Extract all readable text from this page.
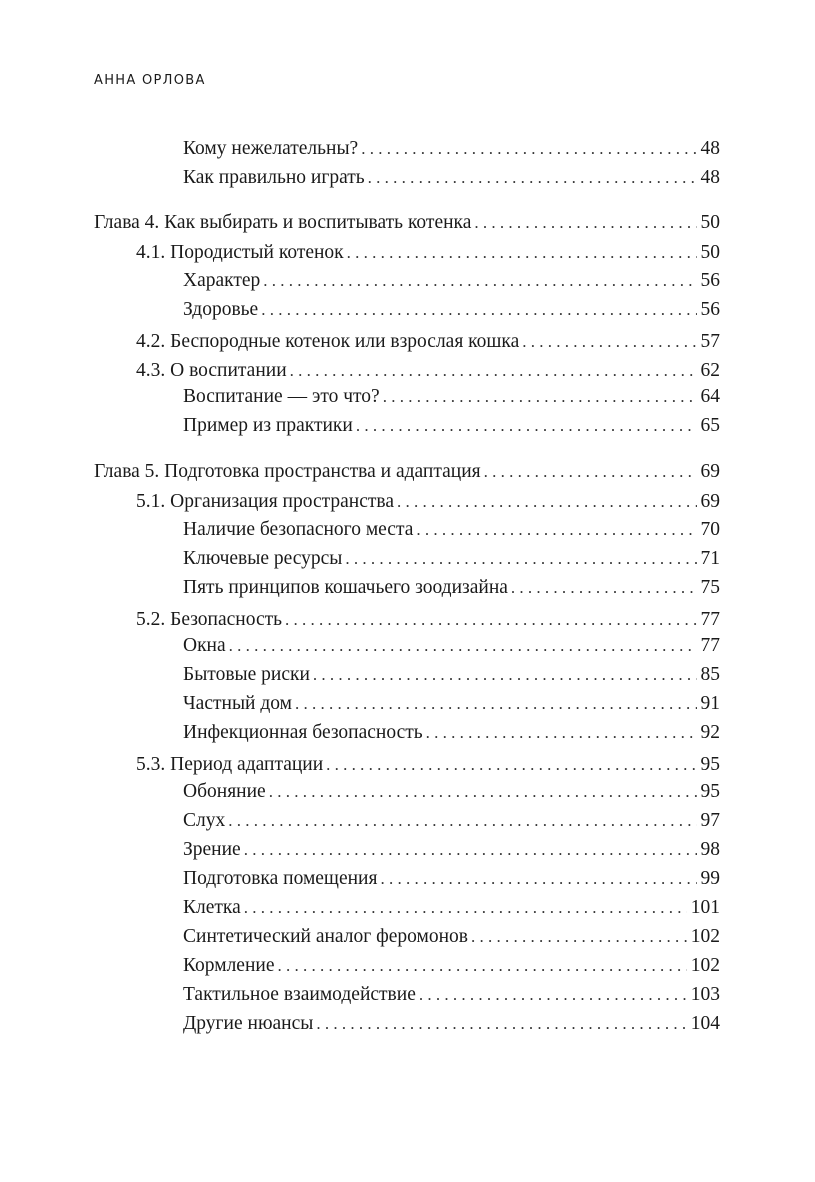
АННА ОРЛОВА
Кому нежелательны? . . .	48
Как правильно играть . . .	48
Глава 4. Как выбирать и воспитывать котенка . . .	50
4.1. Породистый котенок . . .	50
Характер . . .	56
Здоровье . . .	56
4.2. Беспородные котенок или взрослая кошка . . .	57
4.3. О воспитании . . .	62
Воспитание — это что? . . .	64
Пример из практики . . .	65
Глава 5. Подготовка пространства и адаптация . . .	69
5.1. Организация пространства . . .	69
Наличие безопасного места . . .	70
Ключевые ресурсы . . .	71
Пять принципов кошачьего зоодизайна . . .	75
5.2. Безопасность . . .	77
Окна . . .	77
Бытовые риски . . .	85
Частный дом . . .	91
Инфекционная безопасность . . .	92
5.3. Период адаптации . . .	95
Обоняние . . .	95
Слух . . .	97
Зрение . . .	98
Подготовка помещения . . .	99
Клетка . . .	101
Синтетический аналог феромонов . . .	102
Кормление . . .	102
Тактильное взаимодействие . . .	103
Другие нюансы . . .	104
